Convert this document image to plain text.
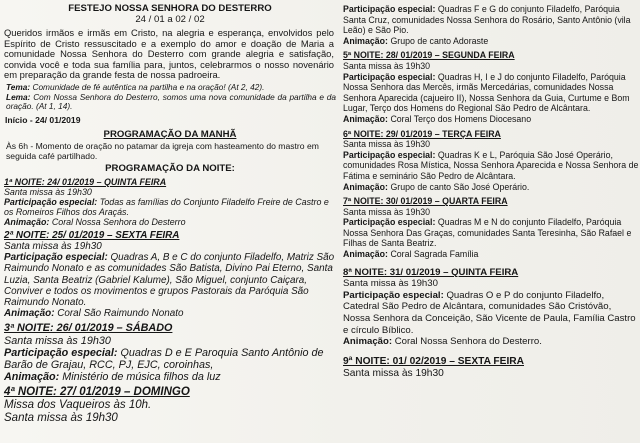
FESTEJO NOSSA SENHORA DO DESTERRO

24 / 01 a 02 / 02

Queridos irmãos e irmãs em Cristo, na alegria e esperança, envolvidos pelo Espírito de Cristo ressuscitado e a exemplo do amor e doação de Maria a comunidade Nossa Senhora do Desterro com grande alegria e satisfação, convida você e toda sua família para, juntos, celebrarmos o nosso novenário em preparação da grande festa de nossa padroeira.

Tema: Comunidade de fé autêntica na partilha e na oração! (At 2, 42).

Lema: Com Nossa Senhora do Desterro, somos uma nova comunidade da partilha e da oração. (At 1, 14).

Início - 24/ 01/2019

PROGRAMAÇÃO DA MANHÃ

Às 6h - Momento de oração no patamar da igreja com hasteamento do mastro em seguida café partilhado.

PROGRAMAÇÃO DA NOITE:

1ª NOITE: 24/ 01/2019 – QUINTA FEIRA

Santa missa às 19h30

Participação especial: Todas as famílias do Conjunto Filadelfo Freire de Castro e os Romeiros Filhos dos Araçás.

Animação: Coral Nossa Senhora do Desterro

2ª NOITE: 25/ 01/2019 – SEXTA FEIRA

Santa missa às 19h30

Participação especial: Quadras A, B e C do conjunto Filadelfo, Matriz São Raimundo Nonato e as comunidades São Batista, Divino Pai Eterno, Santa Luzia, Santa Beatriz (Gabriel Kalume), São Miguel, conjunto Caiçara, Conviver e todos os movimentos e grupos Pastorais da Paróquia São Raimundo Nonato.

Animação: Coral São Raimundo Nonato

3ª NOITE: 26/ 01/2019 – SÁBADO

Santa missa às 19h30

Participação especial: Quadras D e E Paroquia Santo Antônio de Barão de Grajau, RCC, PJ, EJC, coroinhas,

Animação: Ministério de música filhos da luz

4ª NOITE: 27/ 01/2019 – DOMINGO

Missa dos Vaqueiros às 10h.

Santa missa às 19h30

Participação especial: Quadras F e G do conjunto Filadelfo, Paróquia Santa Cruz, comunidades Nossa Senhora do Rosário, Santo Antônio (vila Leão) e São Pio.

Animação: Grupo de canto Adoraste

5ª NOITE: 28/ 01/2019 – SEGUNDA FEIRA

Santa missa às 19h30

Participação especial: Quadras H, I e J do conjunto Filadelfo, Paróquia Nossa Senhora das Mercês, irmãs Mercedárias, comunidades Nossa Senhora Aparecida (cajueiro II), Nossa Senhora da Guia, Curtume e Bom Lugar, Terço dos Homens do Regional São Pedro de Alcântara.

Animação: Coral Terço dos Homens Diocesano

6ª NOITE: 29/ 01/2019 – TERÇA FEIRA

Santa missa às 19h30

Participação especial: Quadras K e L, Paróquia São José Operário, comunidades Rosa Mística, Nossa Senhora Aparecida e Nossa Senhora de Fátima e seminário São Pedro de Alcântara.

Animação: Grupo de canto São José Operário.

7ª NOITE: 30/ 01/2019 – QUARTA FEIRA

Santa missa às 19h30

Participação especial: Quadras M e N do conjunto Filadelfo, Paróquia Nossa Senhora Das Graças, comunidades Santa Teresinha, São Rafael e Filhas de Santa Beatriz.

Animação: Coral Sagrada Família

8ª NOITE: 31/ 01/2019 – QUINTA FEIRA

Santa missa às 19h30

Participação especial: Quadras O e P do conjunto Filadelfo, Catedral São Pedro de Alcântara, comunidades São Cristóvão, Nossa Senhora da Conceição, São Vicente de Paula, Família Castro e círculo Bíblico.

Animação: Coral Nossa Senhora do Desterro.

9ª NOITE: 01/ 02/2019 – SEXTA FEIRA

Santa missa às 19h30
